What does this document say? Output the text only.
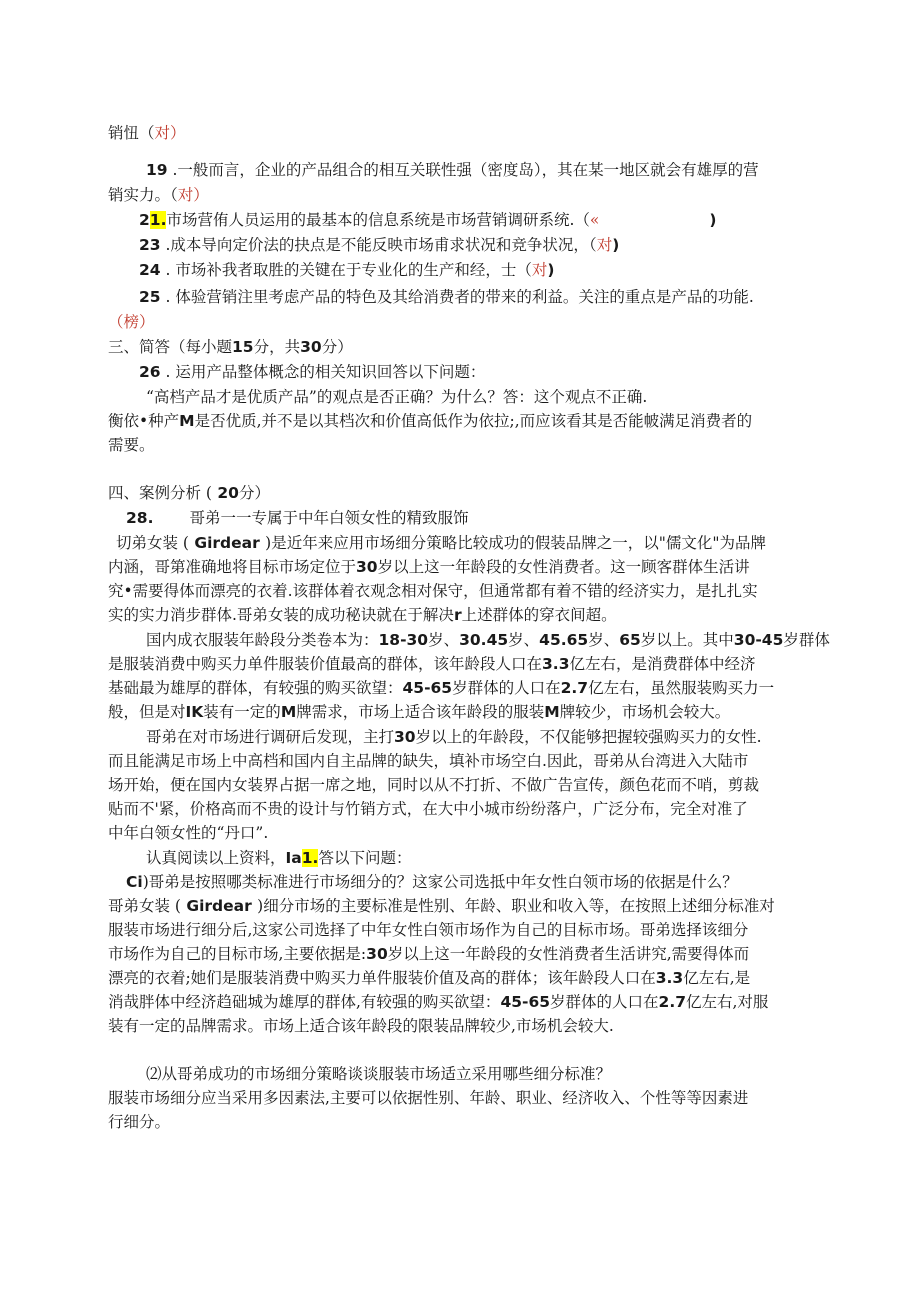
销忸（对）
19 .一般而言，企业的产品组合的相互关联性强（密度岛），其在某一地区就会有雄厚的营
销实力。（对）
21.市场营侑人员运用的最基本的信息系统是市场营销调研系统.（«	)
23 .成本导向定价法的抉点是不能反映市场甫求状况和竞争状况，（对)
24 . 市场补我者取胜的关键在于专业化的生产和经，士（对)
25 . 体验营销注里考虑产品的特色及其给消费者的带来的利益。关注的重点是产品的功能.
（榜）
三、简答（每小题15分，共30分）
26 . 运用产品整体概念的相关知识回答以下问题：
“高档产品才是优质产品”的观点是否正确？为什么？答：这个观点不正确.
衡依•种产M是否优质,并不是以其档次和价值高低作为依拉;,而应该看其是否能帔满足消费者的
需要。
四、案例分析 ( 20分）
28. 哥弟一一专属于中年白领女性的精致服饰
切弟女装 ( Girdear )是近年来应用市场细分策略比较成功的假装品牌之一，以"儒文化"为品牌
内涵，哥第准确地将目标市场定位于30岁以上这一年龄段的女性消费者。这一顾客群体生活讲
究•需要得体而漂亮的衣着.该群体着衣观念相对保守，但通常都有着不错的经济实力，是扎扎实
实的实力消步群体.哥弟女装的成功秘诀就在于解决r上述群体的穿衣间超。
国内成衣服装年龄段分类卷本为：18-30岁、30.45岁、45.65岁、65岁以上。其中30-45岁群体
是服装消费中购买力单件服装价值最高的群体，该年龄段人口在3.3亿左右，是消费群体中经济
基础最为雄厚的群体，有较强的购买欲望：45-65岁群体的人口在2.7亿左右，虽然服装购买力一
般，但是对IK装有一定的M牌需求，市场上适合该年龄段的服装M牌较少，市场机会较大。
哥弟在对市场进行调研后发现，主打30岁以上的年龄段，不仅能够把握较强购买力的女性.
而且能满足市场上中高档和国内自主品牌的缺失，填补市场空白.因此，哥弟从台湾进入大陆市
场开始，便在国内女装界占据一席之地，同时以从不打折、不做广告宣传，颜色花而不哨，剪裁
贴而不'紧，价格高而不贵的设计与竹销方式，在大中小城市纷纷落户，广泛分布，完全对准了
中年白领女性的“丹口”.
认真阅读以上资料，Ia1.答以下问题：
Ci)哥弟是按照哪类标准进行市场细分的？这家公司选抵中年女性白领市场的依据是什么？
哥弟女装 ( Girdear )细分市场的主要标准是性别、年龄、职业和收入等，在按照上述细分标准对
服装市场进行细分后,这家公司选择了中年女性白领市场作为自己的目标市场。哥弟选择该细分
市场作为自己的目标市场,主要依据是:30岁以上这一年龄段的女性消费者生活讲究,需要得体而
漂亮的衣着;她们是服装消费中购买力单件服装价值及高的群体；该年龄段人口在3.3亿左右,是
消哉胖体中经济趋础城为雄厚的群体,有较强的购买欲望：45-65岁群体的人口在2.7亿左右,对服
装有一定的品牌需求。市场上适合该年龄段的限装品牌较少,市场机会较大.
⑵从哥弟成功的市场细分策略谈谈服装市场适立采用哪些细分标准？
服装市场细分应当采用多因素法,主要可以依据性别、年龄、职业、经济收入、个性等等因素进
行细分。
